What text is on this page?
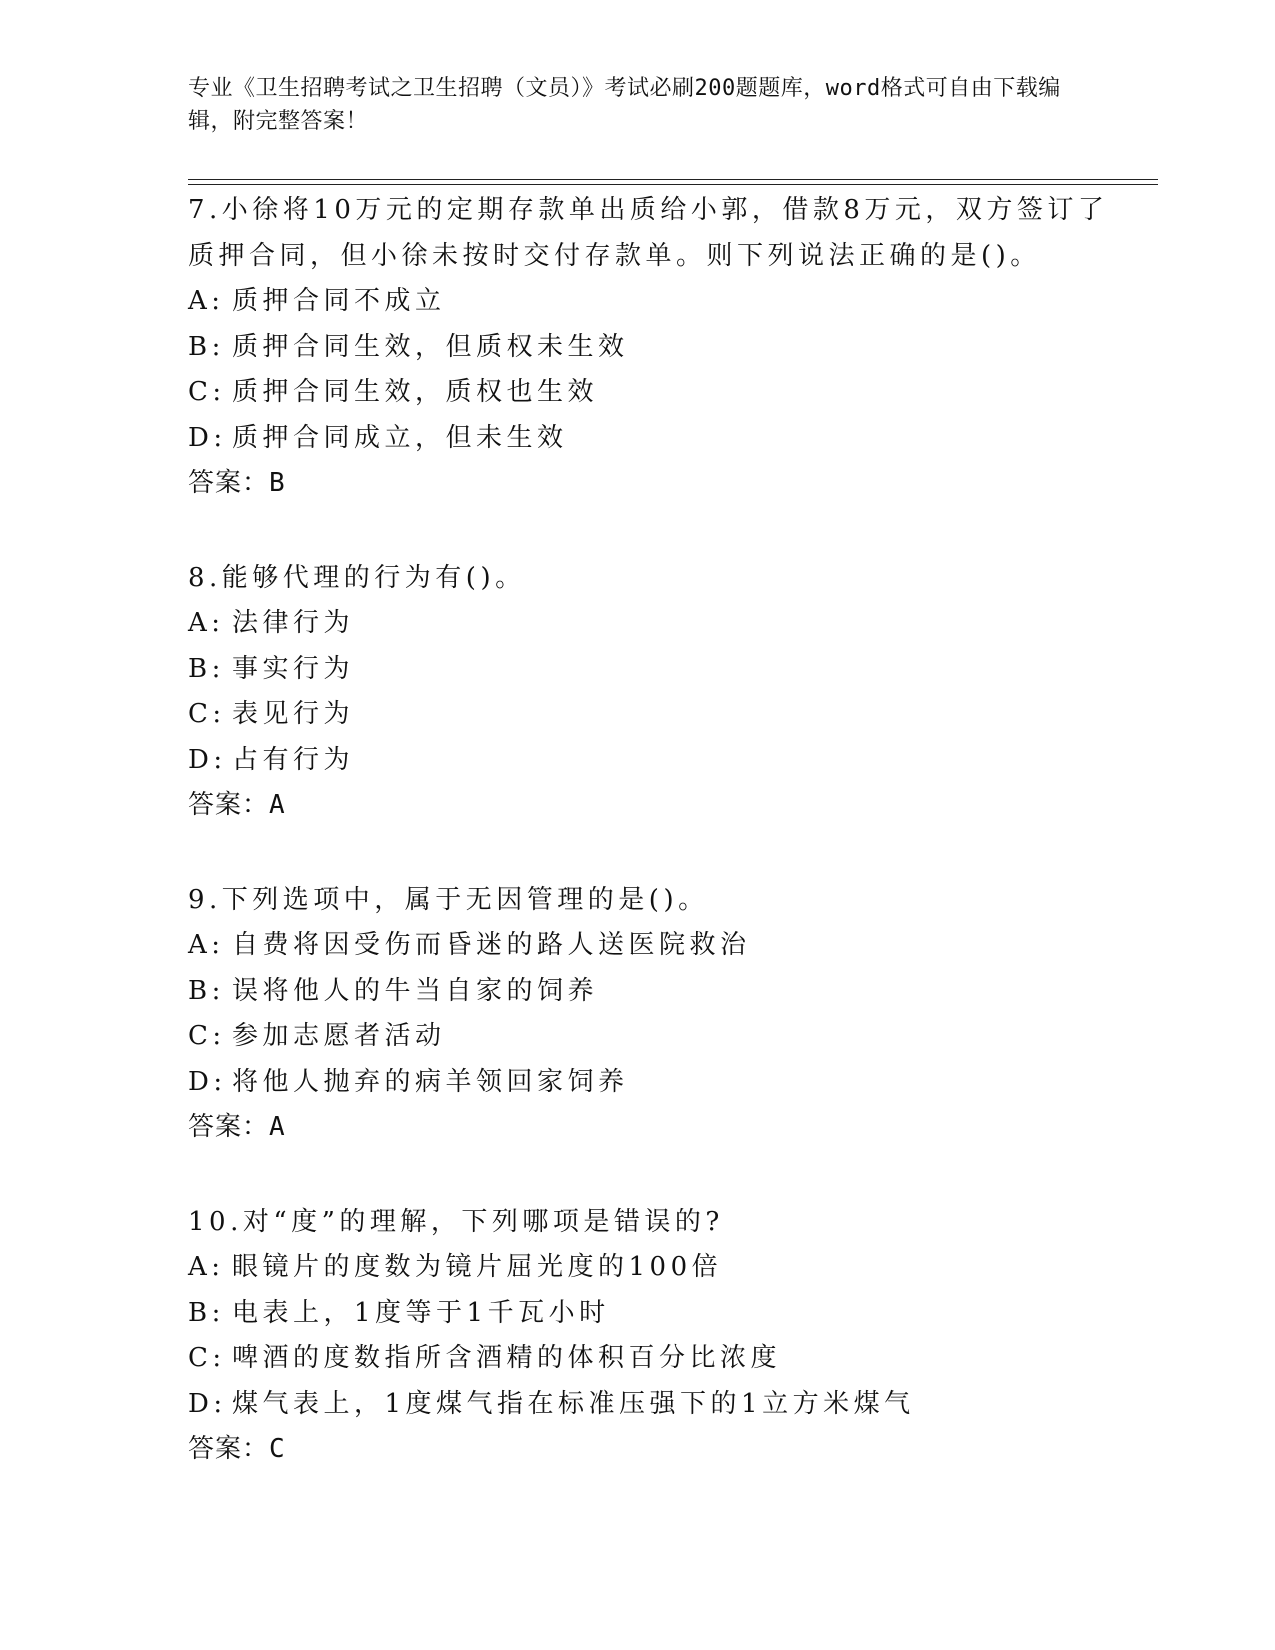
专业《卫生招聘考试之卫生招聘（文员）》考试必刷200题题库，word格式可自由下载编辑，附完整答案！

7.小徐将10万元的定期存款单出质给小郭，借款8万元，双方签订了质押合同，但小徐未按时交付存款单。则下列说法正确的是()。

A: 质押合同不成立

B: 质押合同生效，但质权未生效

C: 质押合同生效，质权也生效

D: 质押合同成立，但未生效

答案：B

8.能够代理的行为有()。

A: 法律行为

B: 事实行为

C: 表见行为

D: 占有行为

答案：A

9.下列选项中，属于无因管理的是()。

A: 自费将因受伤而昏迷的路人送医院救治

B: 误将他人的牛当自家的饲养

C: 参加志愿者活动

D: 将他人抛弃的病羊领回家饲养

答案：A

10.对“度”的理解，下列哪项是错误的?

A: 眼镜片的度数为镜片屈光度的100倍

B: 电表上，1度等于1千瓦小时

C: 啤酒的度数指所含酒精的体积百分比浓度

D: 煤气表上，1度煤气指在标准压强下的1立方米煤气

答案：C
